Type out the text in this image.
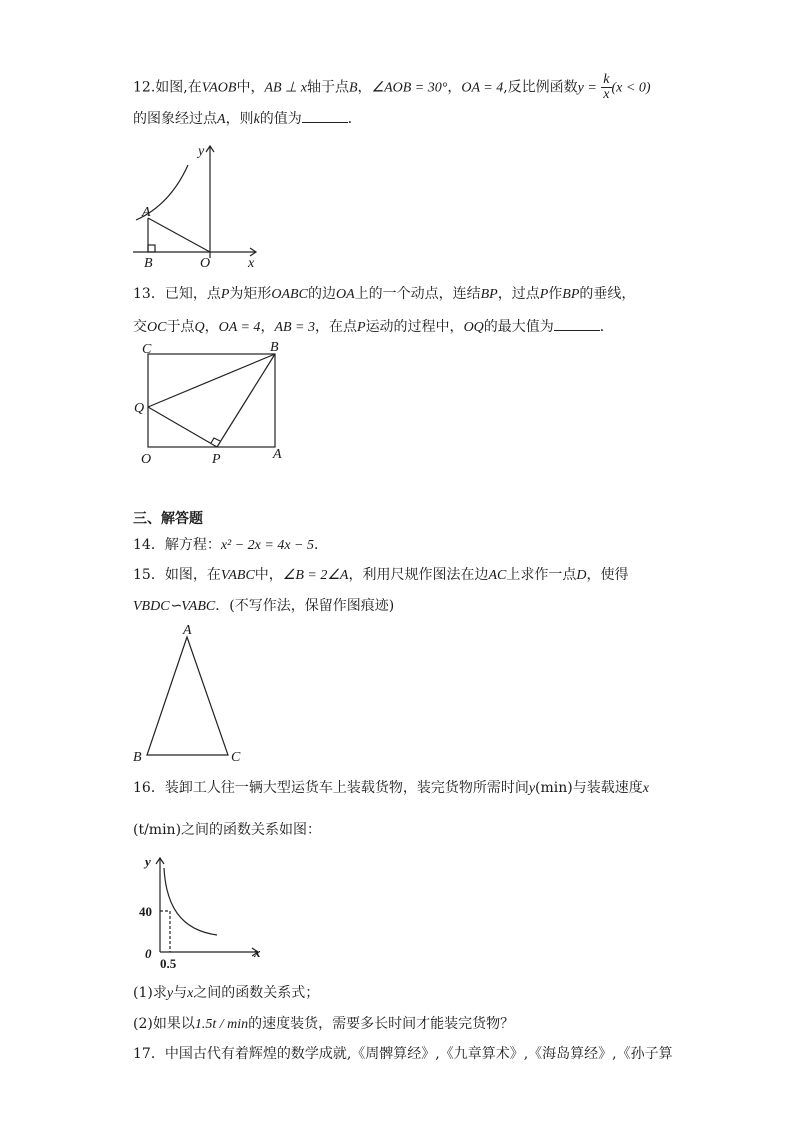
12.如图,在VAOB中，AB ⊥ x轴于点B，∠AOB = 30°，OA = 4,反比例函数$y = \frac{k}{x} (x < 0)$
的图象经过点A，则k的值为	．
y
A
B	O	x
13．已知，点P为矩形OABC的边OA上的一个动点，连结BP，过点P作BP的垂线，
交OC于点Q，OA = 4，AB = 3，在点P运动的过程中，OQ的最大值为	．
C	B
Q
O	P	A
三、解答题
14．解方程：x² − 2x = 4x − 5．
15．如图，在VABC中，∠B = 2∠A，利用尺规作图法在边AC上求作一点D，使得
VBDC∽VABC．(不写作法，保留作图痕迹)
A
B	C
16．装卸工人往一辆大型运货车上装载货物，装完货物所需时间y(min)与装载速度x
(t/min)之间的函数关系如图：
y
x
40
0
0.5
(1)求y与x之间的函数关系式；
(2)如果以1.5t / min的速度装货，需要多长时间才能装完货物？
17．中国古代有着辉煌的数学成就,《周髀算经》,《九章算术》,《海岛算经》,《孙子算
